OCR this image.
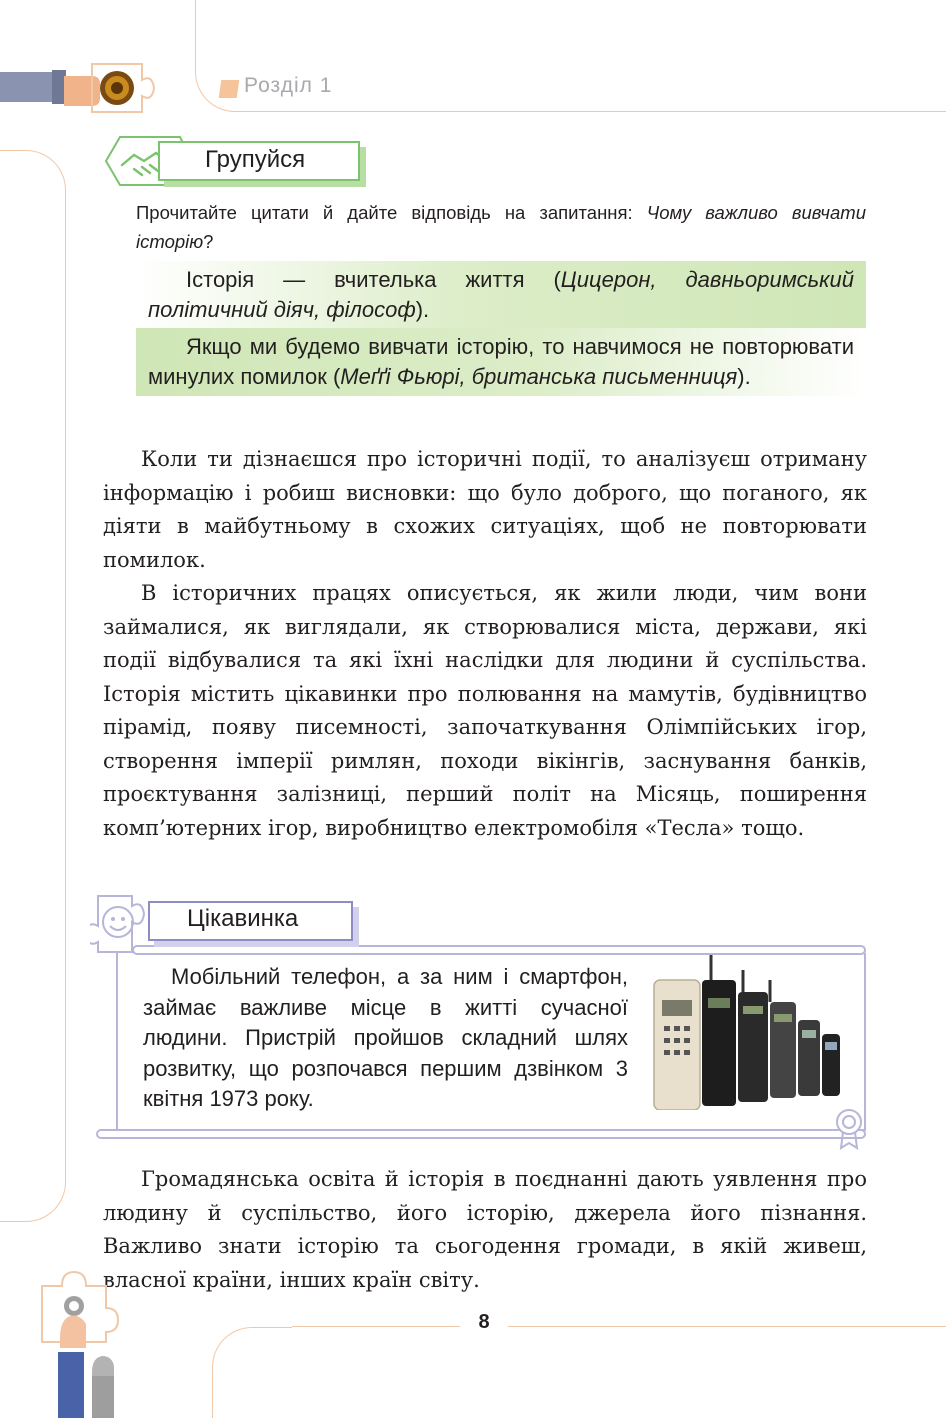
Розділ 1
Групуйся
Прочитайте цитати й дайте відповідь на запитання: Чому важливо вивчати історію?
Історія — вчителька життя (Цицерон, давньоримський політичний діяч, філософ).
Якщо ми будемо вивчати історію, то навчимося не повторювати минулих помилок (Меґґі Фьюрі, британська письменниця).
Коли ти дізнаєшся про історичні події, то аналізуєш отриману інформацію і робиш висновки: що було доброго, що поганого, як діяти в майбутньому в схожих ситуаціях, щоб не повторювати помилок.
В історичних працях описується, як жили люди, чим вони займалися, як виглядали, як створювалися міста, держави, які події відбувалися та які їхні наслідки для людини й суспільства. Історія містить цікавинки про полювання на мамутів, будівництво пірамід, появу писемності, започаткування Олімпійських ігор, створення імперії римлян, походи вікінгів, заснування банків, проєктування залізниці, перший політ на Місяць, поширення комп’ютерних ігор, виробництво електромобіля «Тесла» тощо.
Цікавинка
Мобільний телефон, а за ним і смартфон, займає важливе місце в житті сучасної людини. Пристрій пройшов складний шлях розвитку, що розпочався першим дзвінком 3 квітня 1973 року.
Громадянська освіта й історія в поєднанні дають уявлення про людину й суспільство, його історію, джерела його пізнання. Важливо знати історію та сьогодення громади, в якій живеш, власної країни, інших країн світу.
8
